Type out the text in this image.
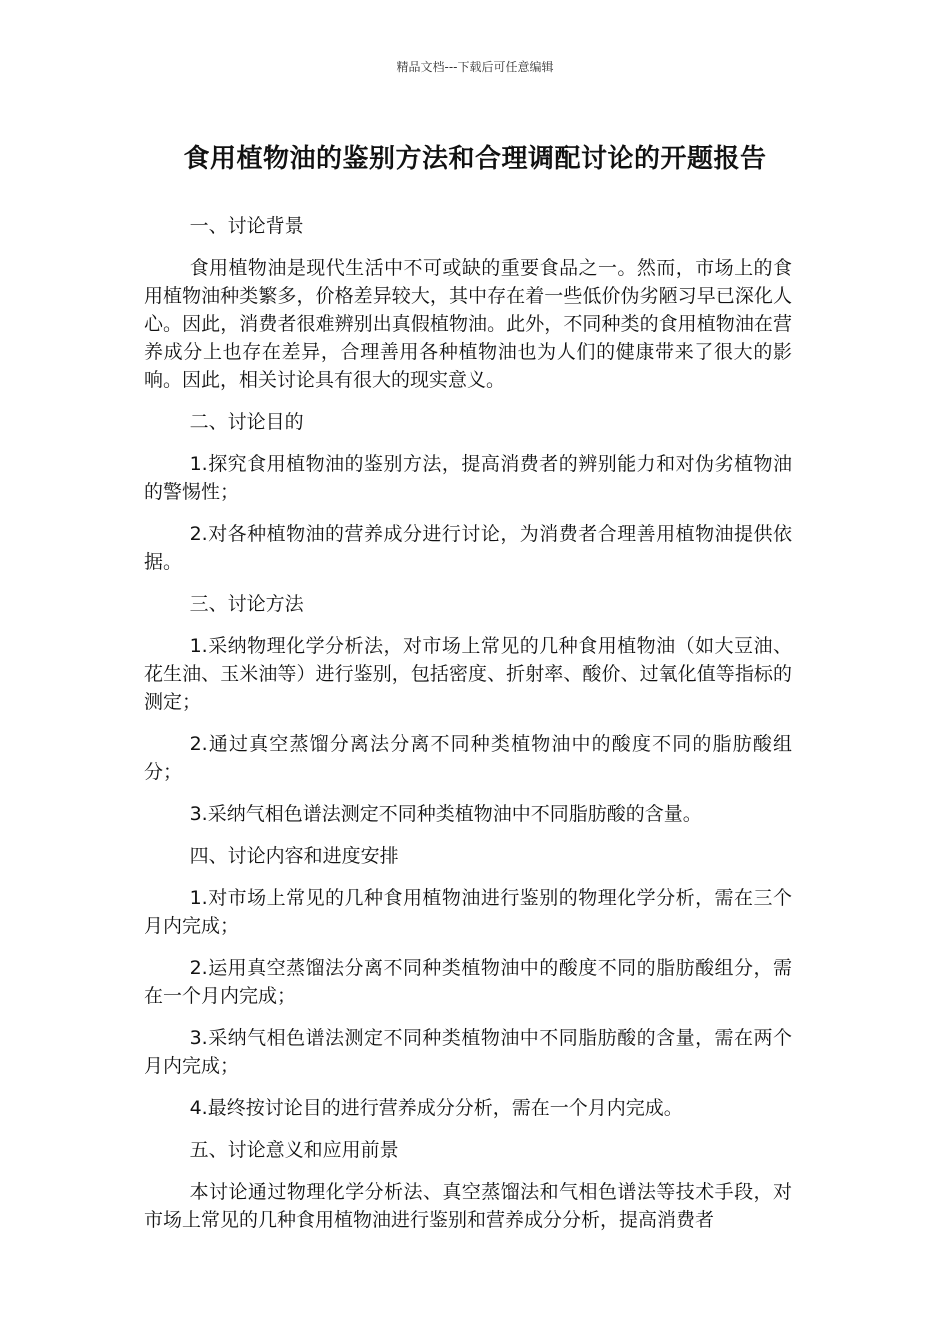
精品文档---下载后可任意编辑
食用植物油的鉴别方法和合理调配讨论的开题报告

一、讨论背景

食用植物油是现代生活中不可或缺的重要食品之一。然而，市场上的食用植物油种类繁多，价格差异较大，其中存在着一些低价伪劣陋习早已深化人心。因此，消费者很难辨别出真假植物油。此外，不同种类的食用植物油在营养成分上也存在差异，合理善用各种植物油也为人们的健康带来了很大的影响。因此，相关讨论具有很大的现实意义。

二、讨论目的

1.探究食用植物油的鉴别方法，提高消费者的辨别能力和对伪劣植物油的警惕性；

2.对各种植物油的营养成分进行讨论，为消费者合理善用植物油提供依据。

三、讨论方法

1.采纳物理化学分析法，对市场上常见的几种食用植物油（如大豆油、花生油、玉米油等）进行鉴别，包括密度、折射率、酸价、过氧化值等指标的测定；

2.通过真空蒸馏分离法分离不同种类植物油中的酸度不同的脂肪酸组分；

3.采纳气相色谱法测定不同种类植物油中不同脂肪酸的含量。

四、讨论内容和进度安排

1.对市场上常见的几种食用植物油进行鉴别的物理化学分析，需在三个月内完成；

2.运用真空蒸馏法分离不同种类植物油中的酸度不同的脂肪酸组分，需在一个月内完成；

3.采纳气相色谱法测定不同种类植物油中不同脂肪酸的含量，需在两个月内完成；

4.最终按讨论目的进行营养成分分析，需在一个月内完成。

五、讨论意义和应用前景

本讨论通过物理化学分析法、真空蒸馏法和气相色谱法等技术手段，对市场上常见的几种食用植物油进行鉴别和营养成分分析，提高消费者
